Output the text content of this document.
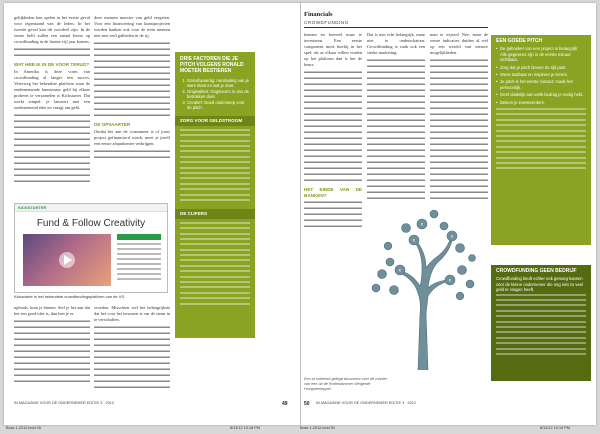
gelijkheden kan spelen in het eerste geval voor tegenstand van de leden. In het tweede geval kan dit voordeel zijn. In de eerste helft zullen een aantal lezers op crowdfunding in de laatste vijf jaar komen.

WAT HEB IK IN DE VOOR TERUG?

In Amerika is deze vorm van crowdfunding al langer een succes. Verreweg het bekendste platform waar de ondernemende kunstenaar geld bij elkaar probeert te verzamelen is Kickstarter. Dat werkt simpel: je lanceert met een ondernemend idee en vraagt om geld.

deze mensen massier van geld vergeten. Voor een financiering van kunstprojecten worden banken ook voor de trein mensen niet met veel gulheden in de rij.

DE OPVAARTER

Omdat het aan de consument is of jouw project gefinancierd wordt, moet je jezelf een eerste afsprakenter verkrijgen.

DRIE FACTOREN DIE JE PITCH VOLGENS RONALD MOETEN BESTIEREN
1. Geloofwaardig: Aansluiting van je ware klant en wat je doet.
2. Originaliteit: Oogstvorm in van de betrokken doel.
3. Creatief: Goed onderwerp voor de pitch.
ZORG VOOR GELDSTROOM
DE CIJFERS
KICKSTARTER
Fund & Follow Creativity
Kickstarter is het bekendste crowdfundingsplatform van de VS.

uploads, kom je binnen. Stel je het aan dat het een goed idee is, dan ben je er.

vroeden. Misschien wel het belangrijkste dat het voor het bewaren is om de steun in te verschaffen.

IN MAGAZINE VOOR DE ONDERNEMER EDITIE 3 · 2012	49
Financials
CROWDFUNDING

kennen en hoeveel maar te investeren. Een eerste component moet hierbij in het spel: als ze elkaar willen vinden op het platform dan is het de beurs.

HET EINDE VAN DE BANKEN?

Dat is niet echt belangrijk, maar niet te onderschatten. Crowdfunding is vaak ook een sterke marketing.

man te wijzen! Nee, maar de eerste indicaties duiden al wel op een wereld van nieuwe mogelijkheden.

€
€
€
€
€
Een al ontleend gelegd document over de manier van een uit de Rotterdammer Weigerde Hoogsterkeppel.
EEN GOEDE PITCH
• De gebruiker van een project is belangrijk: Alle gegevens zijn in de eerste minuut zichtbaar.
• Zorg dat je pitch binnen de tijd past.
• Wees tastbaar en inspireer je lezers.
• Je pitch is het eerste contact: maak het persoonlijk.
• Geef duidelijk aan welk bedrag je nodig hebt.
• Beloon je investeerders.
CROWDFUNDING GEEN BEDRIJF
Crowdfunding biedt echter ook genoeg kansen voor de kleine ondernemer die nog niet zo veel geld te vragen heeft.
50 IN MAGAZINE VOOR DE ONDERNEMER EDITIE 3 · 2012
Boss 1-2012.indd 49	8/13/12 10:18 PM	Boss 1-2012.indd 50	8/13/12 10:19 PM
